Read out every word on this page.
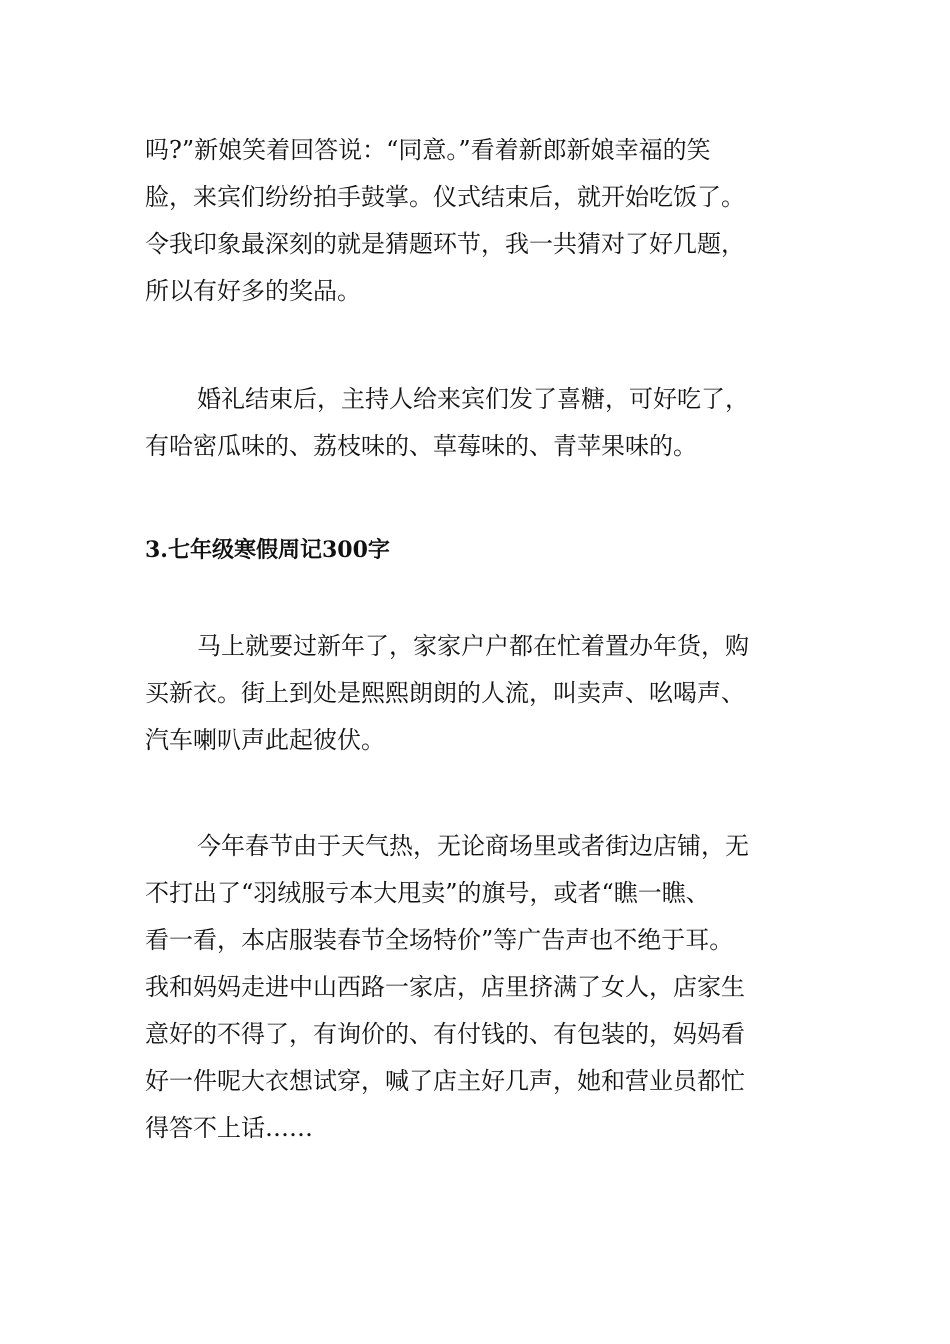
吗?”新娘笑着回答说：“同意。”看着新郎新娘幸福的笑
脸，来宾们纷纷拍手鼓掌。仪式结束后，就开始吃饭了。
令我印象最深刻的就是猜题环节，我一共猜对了好几题，
所以有好多的奖品。

婚礼结束后，主持人给来宾们发了喜糖，可好吃了，
有哈密瓜味的、荔枝味的、草莓味的、青苹果味的。

3.七年级寒假周记300字

马上就要过新年了，家家户户都在忙着置办年货，购
买新衣。街上到处是熙熙朗朗的人流，叫卖声、吆喝声、
汽车喇叭声此起彼伏。

今年春节由于天气热，无论商场里或者街边店铺，无
不打出了“羽绒服亏本大甩卖”的旗号，或者“瞧一瞧、
看一看，本店服装春节全场特价”等广告声也不绝于耳。
我和妈妈走进中山西路一家店，店里挤满了女人，店家生
意好的不得了，有询价的、有付钱的、有包装的，妈妈看
好一件呢大衣想试穿，喊了店主好几声，她和营业员都忙
得答不上话……
